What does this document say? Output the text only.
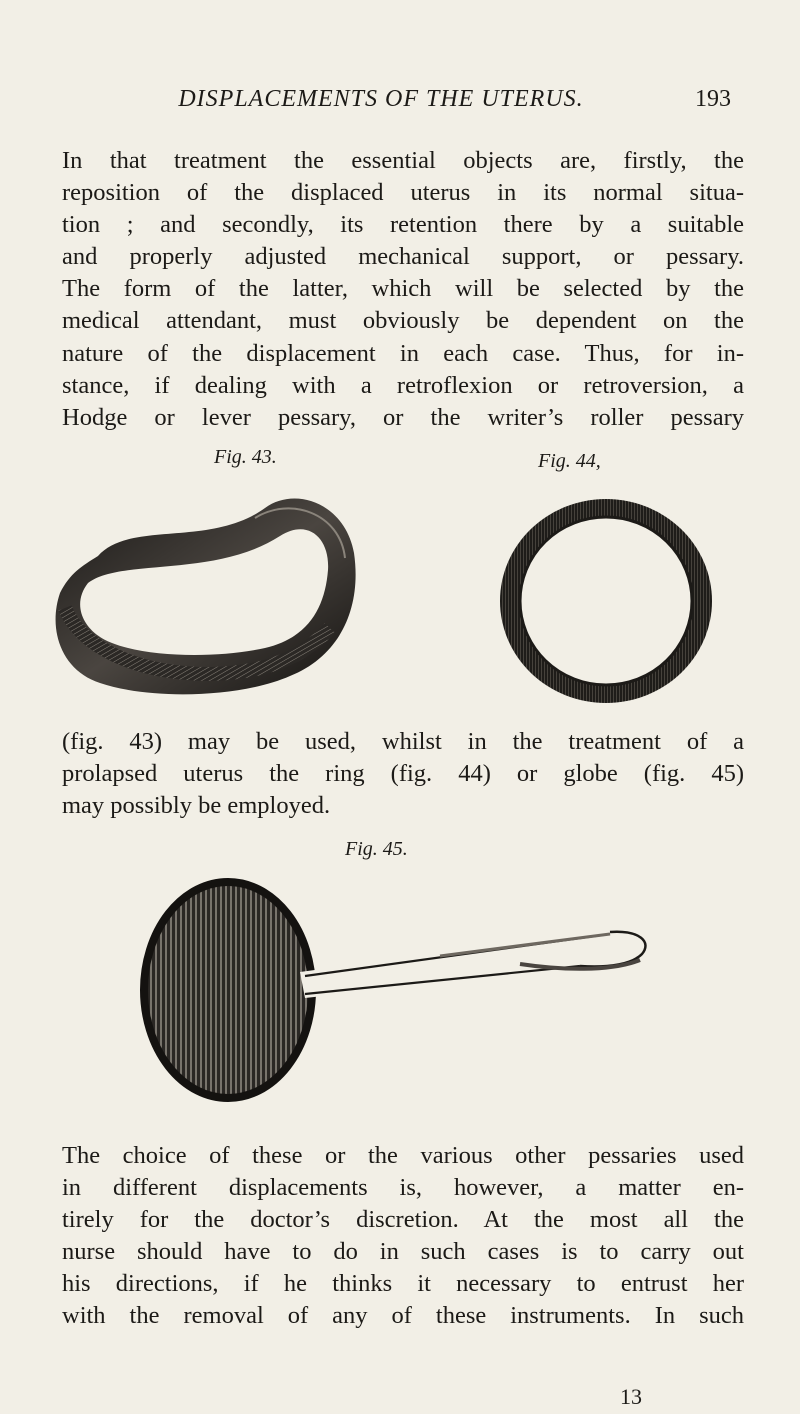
DISPLACEMENTS OF THE UTERUS.	193

In that treatment the essential objects are, firstly, the
reposition of the displaced uterus in its normal situa-
tion ; and secondly, its retention there by a suitable
and properly adjusted mechanical support, or pessary.
The form of the latter, which will be selected by the
medical attendant, must obviously be dependent on the
nature of the displacement in each case. Thus, for in-
stance, if dealing with a retroflexion or retroversion, a
Hodge or lever pessary, or the writer’s roller pessary

Fig. 43.	Fig. 44,

(fig. 43) may be used, whilst in the treatment of a
prolapsed uterus the ring (fig. 44) or globe (fig. 45)
may possibly be employed.

Fig. 45.

The choice of these or the various other pessaries used
in different displacements is, however, a matter en-
tirely for the doctor’s discretion. At the most all the
nurse should have to do in such cases is to carry out
his directions, if he thinks it necessary to entrust her
with the removal of any of these instruments. In such

13
